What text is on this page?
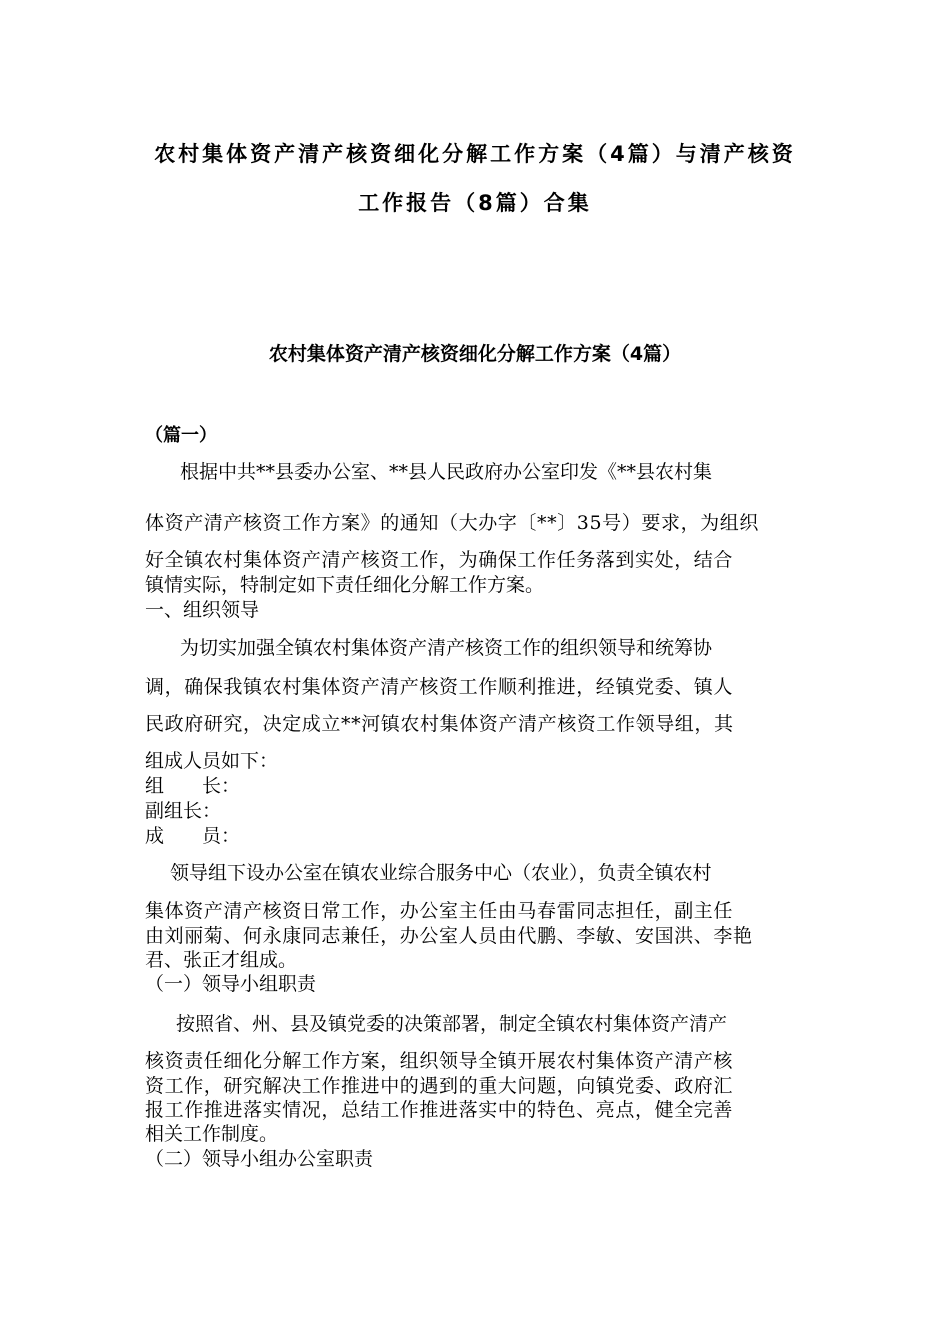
农村集体资产清产核资细化分解工作方案（4篇）与清产核资
工作报告（8篇）合集
农村集体资产清产核资细化分解工作方案（4篇）
（篇一）
根据中共**县委办公室、**县人民政府办公室印发《**县农村集
体资产清产核资工作方案》的通知（大办字〔**〕35号）要求，为组织
好全镇农村集体资产清产核资工作，为确保工作任务落到实处，结合
镇情实际，特制定如下责任细化分解工作方案。
一、组织领导
为切实加强全镇农村集体资产清产核资工作的组织领导和统筹协
调，确保我镇农村集体资产清产核资工作顺利推进，经镇党委、镇人
民政府研究，决定成立**河镇农村集体资产清产核资工作领导组，其
组成人员如下：
组　　长：
副组长：
成　　员：
领导组下设办公室在镇农业综合服务中心（农业），负责全镇农村
集体资产清产核资日常工作，办公室主任由马春雷同志担任，副主任
由刘丽菊、何永康同志兼任，办公室人员由代鹏、李敏、安国洪、李艳
君、张正才组成。
（一）领导小组职责
按照省、州、县及镇党委的决策部署，制定全镇农村集体资产清产
核资责任细化分解工作方案，组织领导全镇开展农村集体资产清产核
资工作，研究解决工作推进中的遇到的重大问题，向镇党委、政府汇
报工作推进落实情况，总结工作推进落实中的特色、亮点，健全完善
相关工作制度。
（二）领导小组办公室职责
